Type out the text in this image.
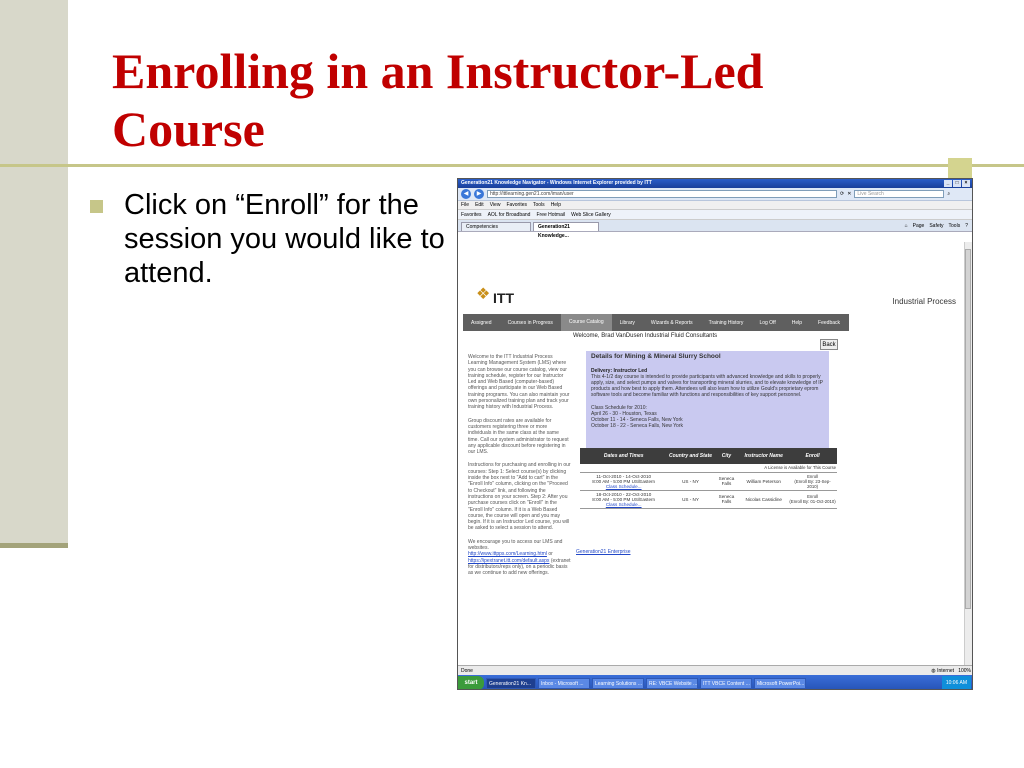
Enrolling in an Instructor-Led
Course
Click on “Enroll” for the session you would like to attend.
Generation21 Knowledge Navigator - Windows Internet Explorer provided by ITT	_	□	×
◀	▶	http://ittlearning.gen21.com/iman/user	⟳ ✕	Live Search	⌕
File Edit View Favorites Tools Help
Favorites AOL for Broadband Free Hotmail Web Slice Gallery
Competencies	Generation21 Knowledge...
⌂ Page Safety Tools ?
❖ ITT	Industrial Process
Assigned	Courses in Progress	Course Catalog	Library	Wizards & Reports	Training History	Log Off	Help	Feedback
Welcome, Brad VanDusen Industrial Fluid Consultants
Back

Welcome to the ITT Industrial Process Learning Management System (LMS) where you can browse our course catalog, view our training schedule, register for our Instructor Led and Web Based (computer-based) offerings and participate in our Web Based training programs. You can also maintain your own personalized training plan and track your training history with Industrial Process.

Group discount rates are available for customers registering three or more individuals in the same class at the same time. Call our system administrator to request any applicable discount before registering in our LMS.

Instructions for purchasing and enrolling in our courses: Step 1: Select course(s) by clicking inside the box next to "Add to cart" in the "Enroll Info" column, clicking on the "Proceed to Checkout" link, and following the instructions on your screen. Step 2: After you purchase courses click on "Enroll" in the "Enroll Info" column. If it is a Web Based course, the course will open and you may begin. If it is an Instructor Led course, you will be asked to select a session to attend.

We encourage you to access our LMS and websites.
http://www.ittpps.com/Learning.html or https://ipextranet.itt.com/default.aspx (extranet for distributors/reps only), on a periodic basis as we continue to add new offerings.

Details for Mining & Mineral Slurry School
Delivery: Instructor Led
This 4-1/2 day course is intended to provide participants with advanced knowledge and skills to properly apply, size, and select pumps and valves for transporting mineral slurries, and to elevate knowledge of IP products and how best to apply them. Attendees will also learn how to utilize Gould's proprietary eprom software tools and become familiar with functions and responsibilities of key support personnel.

Class Schedule for 2010:
April 26 - 30 - Houston, Texas
October 11 - 14 - Seneca Falls, New York
October 18 - 22 - Seneca Falls, New York
Dates and Times	Country and State	City	Instructor Name	Enroll
A License is Available for This Course				
11-Oct-2010 - 14-Oct-2010
8:00 AM - 5:00 PM US/Eastern
Class Schedule...	US - NY	Seneca Falls	William Peterson	Enroll
(Enroll By: 23-Sep-2010)
18-Oct-2010 - 22-Oct-2010
8:00 AM - 5:00 PM US/Eastern
Class Schedule...	US - NY	Seneca Falls	Nicolas Cassidine	Enroll
(Enroll By: 01-Oct-2010)
Generation21 Enterprise
Done	◍ Internet 100%
start	Generation21 Kn...	Inbox - Microsoft ...	Learning Solutions ...	RE: VBCE Website ...	ITT VBCE Content ...	Microsoft PowerPoi...	10:06 AM
